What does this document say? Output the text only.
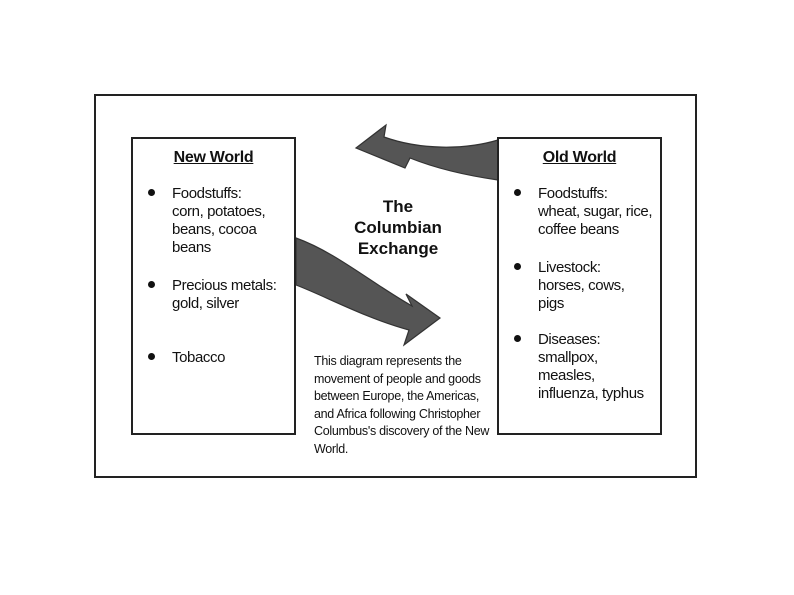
New World
Foodstuffs:
corn, potatoes, beans, cocoa beans
Precious metals:
gold, silver
Tobacco
Old World
Foodstuffs:
wheat, sugar, rice, coffee beans
Livestock:
horses, cows, pigs
Diseases:
smallpox, measles, influenza, typhus
The
Columbian
Exchange
This diagram represents the movement of people and goods between Europe, the Americas, and Africa following Christopher Columbus's discovery of the New World.
